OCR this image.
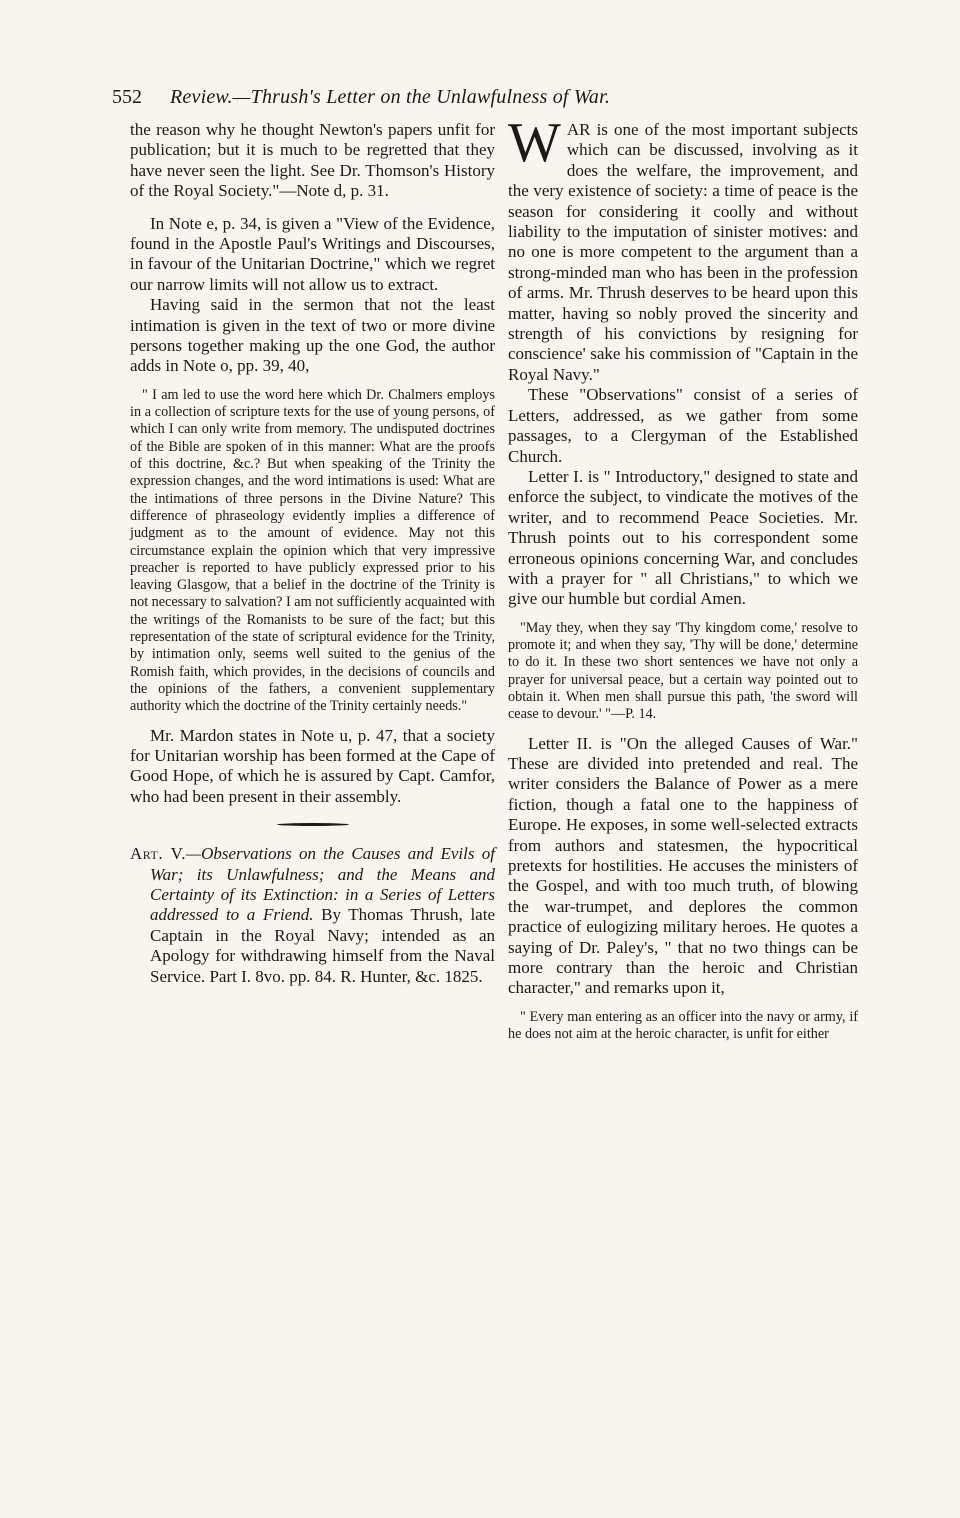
552 Review.—Thrush's Letter on the Unlawfulness of War.

the reason why he thought Newton's papers unfit for publication; but it is much to be regretted that they have never seen the light. See Dr. Thomson's History of the Royal Society."—Note d, p. 31.

In Note e, p. 34, is given a "View of the Evidence, found in the Apostle Paul's Writings and Discourses, in favour of the Unitarian Doctrine," which we regret our narrow limits will not allow us to extract.

Having said in the sermon that not the least intimation is given in the text of two or more divine persons together making up the one God, the author adds in Note o, pp. 39, 40,

" I am led to use the word here which Dr. Chalmers employs in a collection of scripture texts for the use of young persons, of which I can only write from memory. The undisputed doctrines of the Bible are spoken of in this manner: What are the proofs of this doctrine, &c.? But when speaking of the Trinity the expression changes, and the word intimations is used: What are the intimations of three persons in the Divine Nature? This difference of phraseology evidently implies a difference of judgment as to the amount of evidence. May not this circumstance explain the opinion which that very impressive preacher is reported to have publicly expressed prior to his leaving Glasgow, that a belief in the doctrine of the Trinity is not necessary to salvation? I am not sufficiently acquainted with the writings of the Romanists to be sure of the fact; but this representation of the state of scriptural evidence for the Trinity, by intimation only, seems well suited to the genius of the Romish faith, which provides, in the decisions of councils and the opinions of the fathers, a convenient supplementary authority which the doctrine of the Trinity certainly needs."

Mr. Mardon states in Note u, p. 47, that a society for Unitarian worship has been formed at the Cape of Good Hope, of which he is assured by Capt. Camfor, who had been present in their assembly.

Art. V.—Observations on the Causes and Evils of War; its Unlawfulness; and the Means and Certainty of its Extinction: in a Series of Letters addressed to a Friend. By Thomas Thrush, late Captain in the Royal Navy; intended as an Apology for withdrawing himself from the Naval Service. Part I. 8vo. pp. 84. R. Hunter, &c. 1825.

W AR is one of the most important subjects which can be discussed, involving as it does the welfare, the improvement, and the very existence of society: a time of peace is the season for considering it coolly and without liability to the imputation of sinister motives: and no one is more competent to the argument than a strong-minded man who has been in the profession of arms. Mr. Thrush deserves to be heard upon this matter, having so nobly proved the sincerity and strength of his convictions by resigning for conscience' sake his commission of "Captain in the Royal Navy."

These "Observations" consist of a series of Letters, addressed, as we gather from some passages, to a Clergyman of the Established Church.

Letter I. is " Introductory," designed to state and enforce the subject, to vindicate the motives of the writer, and to recommend Peace Societies. Mr. Thrush points out to his correspondent some erroneous opinions concerning War, and concludes with a prayer for " all Christians," to which we give our humble but cordial Amen.

"May they, when they say 'Thy kingdom come,' resolve to promote it; and when they say, 'Thy will be done,' determine to do it. In these two short sentences we have not only a prayer for universal peace, but a certain way pointed out to obtain it. When men shall pursue this path, 'the sword will cease to devour.' "—P. 14.

Letter II. is "On the alleged Causes of War." These are divided into pretended and real. The writer considers the Balance of Power as a mere fiction, though a fatal one to the happiness of Europe. He exposes, in some well-selected extracts from authors and statesmen, the hypocritical pretexts for hostilities. He accuses the ministers of the Gospel, and with too much truth, of blowing the war-trumpet, and deplores the common practice of eulogizing military heroes. He quotes a saying of Dr. Paley's, " that no two things can be more contrary than the heroic and Christian character," and remarks upon it,

" Every man entering as an officer into the navy or army, if he does not aim at the heroic character, is unfit for either
